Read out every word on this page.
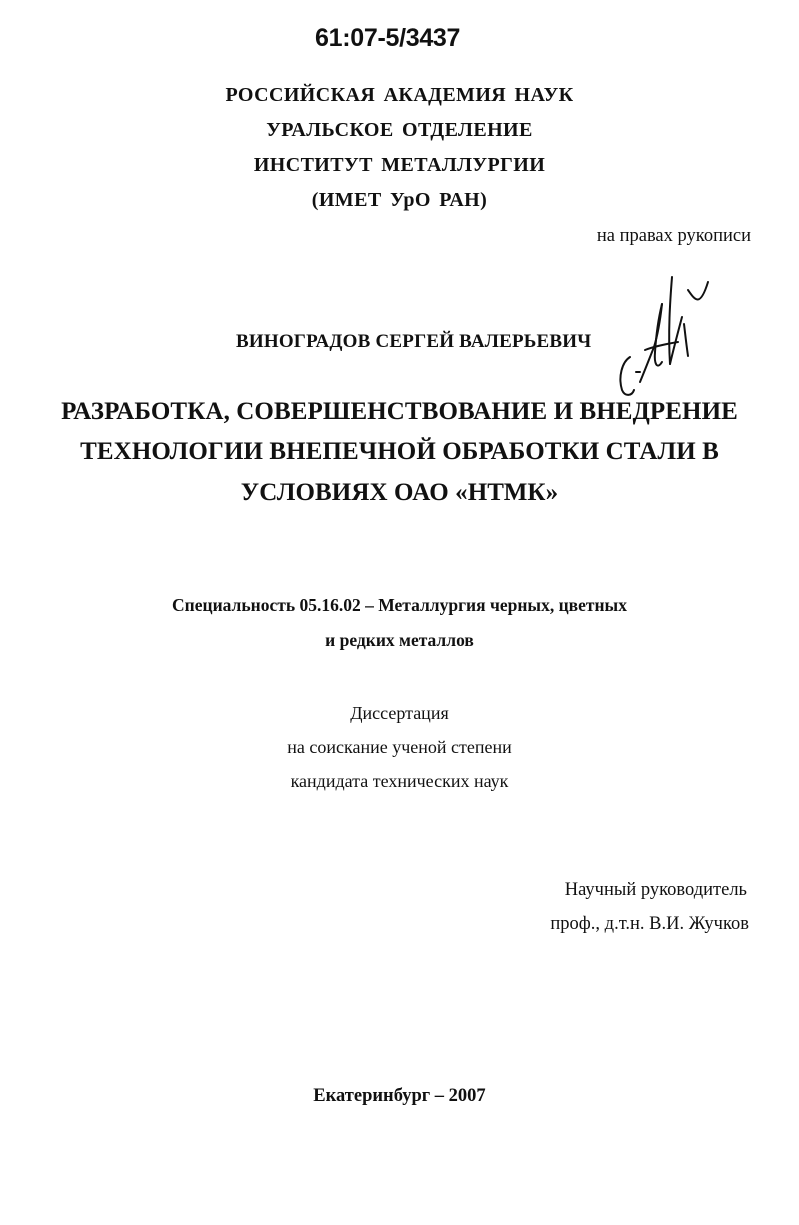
61:07-5/3437
РОССИЙСКАЯ АКАДЕМИЯ НАУК
УРАЛЬСКОЕ ОТДЕЛЕНИЕ
ИНСТИТУТ МЕТАЛЛУРГИИ
(ИМЕТ УрО РАН)
на правах рукописи
ВИНОГРАДОВ СЕРГЕЙ ВАЛЕРЬЕВИЧ
РАЗРАБОТКА, СОВЕРШЕНСТВОВАНИЕ И ВНЕДРЕНИЕ
ТЕХНОЛОГИИ ВНЕПЕЧНОЙ ОБРАБОТКИ СТАЛИ В
УСЛОВИЯХ ОАО «НТМК»
Специальность 05.16.02 – Металлургия черных, цветных
и редких металлов
Диссертация
на соискание ученой степени
кандидата технических наук
Научный руководитель
проф., д.т.н. В.И. Жучков
Екатеринбург – 2007
